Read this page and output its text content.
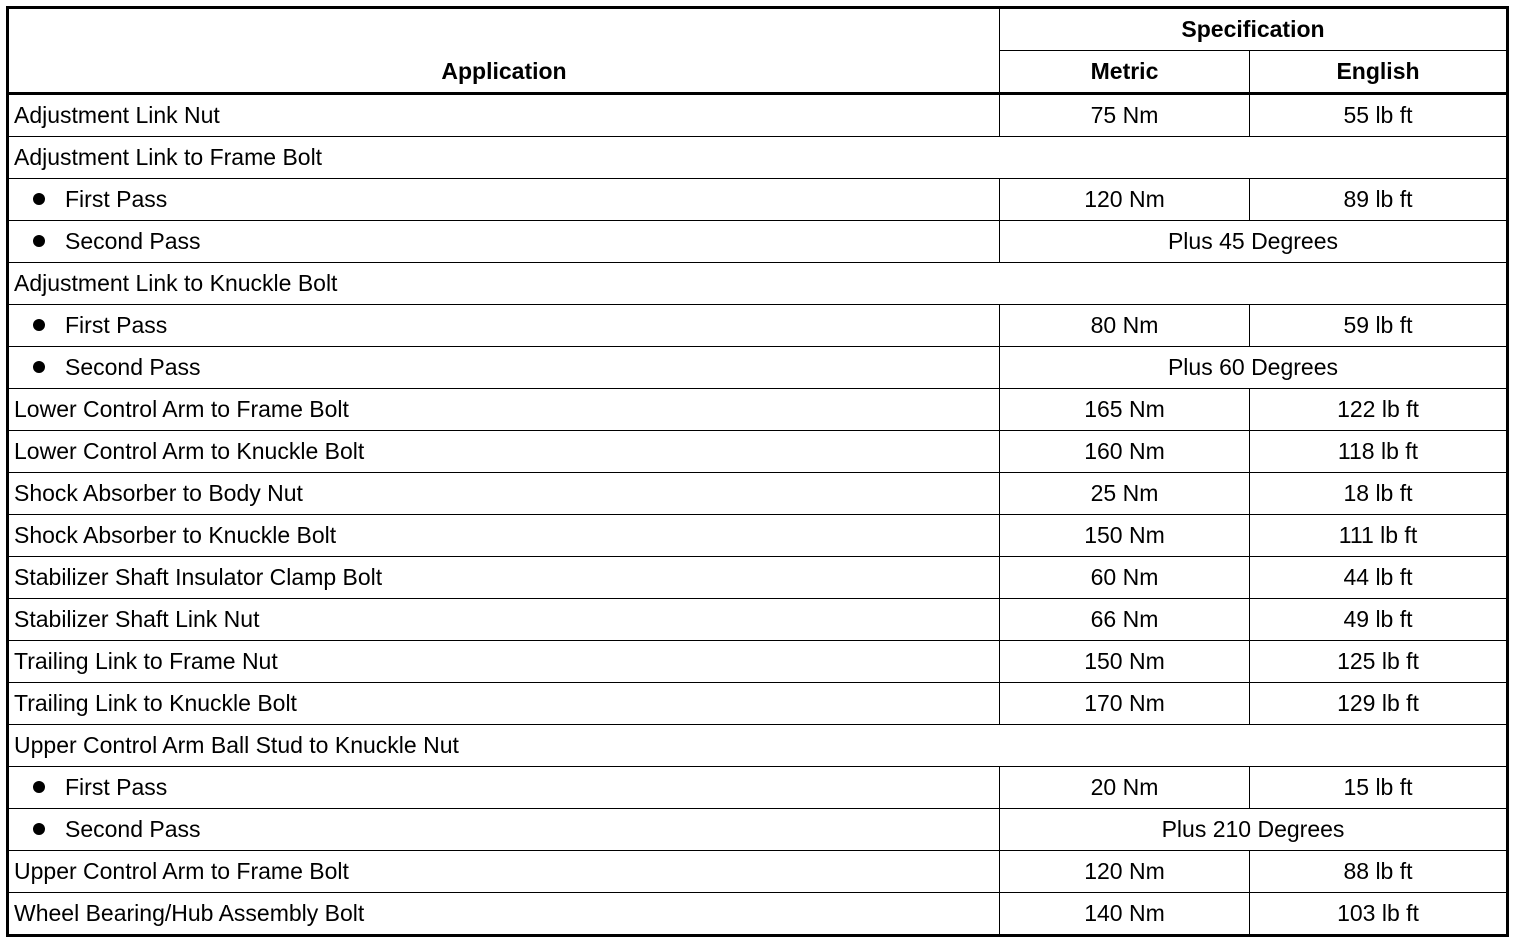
Application	Specification	
	Metric	English
Adjustment Link Nut	75 Nm	55 lb ft
Adjustment Link to Frame Bolt		
First Pass	120 Nm	89 lb ft
Second Pass	Plus 45 Degrees	
Adjustment Link to Knuckle Bolt		
First Pass	80 Nm	59 lb ft
Second Pass	Plus 60 Degrees	
Lower Control Arm to Frame Bolt	165 Nm	122 lb ft
Lower Control Arm to Knuckle Bolt	160 Nm	118 lb ft
Shock Absorber to Body Nut	25 Nm	18 lb ft
Shock Absorber to Knuckle Bolt	150 Nm	111 lb ft
Stabilizer Shaft Insulator Clamp Bolt	60 Nm	44 lb ft
Stabilizer Shaft Link Nut	66 Nm	49 lb ft
Trailing Link to Frame Nut	150 Nm	125 lb ft
Trailing Link to Knuckle Bolt	170 Nm	129 lb ft
Upper Control Arm Ball Stud to Knuckle Nut		
First Pass	20 Nm	15 lb ft
Second Pass	Plus 210 Degrees	
Upper Control Arm to Frame Bolt	120 Nm	88 lb ft
Wheel Bearing/Hub Assembly Bolt	140 Nm	103 lb ft
